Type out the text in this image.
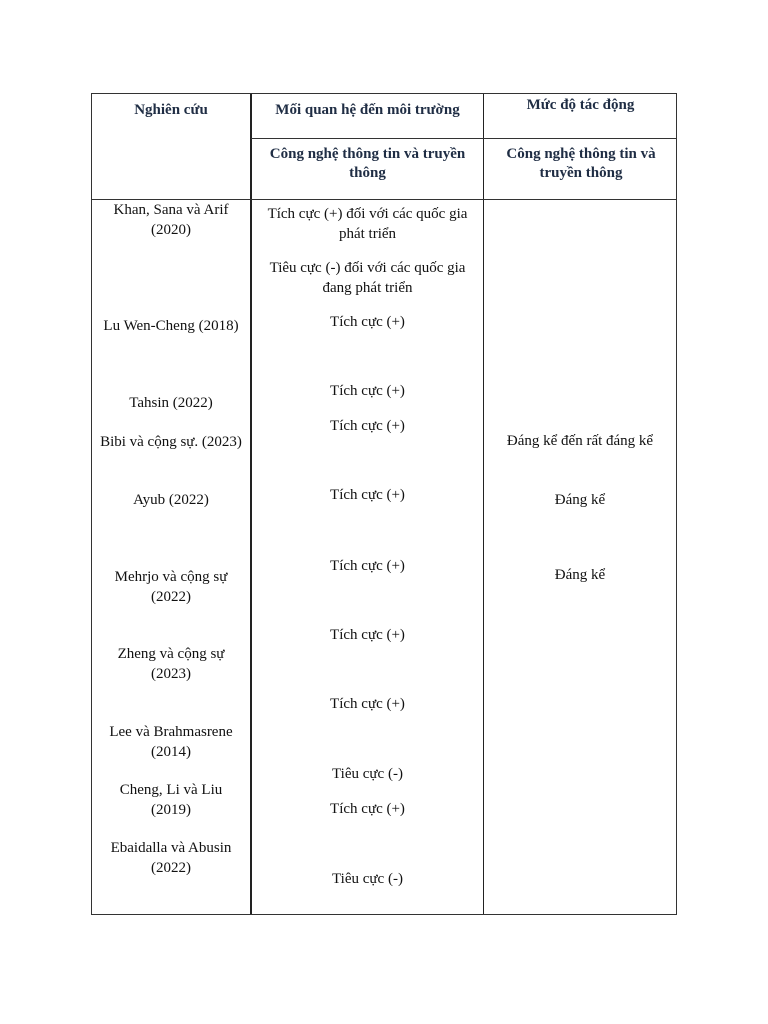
Nghiên cứu	Mối quan hệ đến môi trường	Mức độ tác động
Công nghệ thông tin và truyền thông
Công nghệ thông tin và truyền thông
Khan, Sana và Arif (2020)
Lu Wen-Cheng (2018)
Tahsin (2022)
Bibi và cộng sự. (2023)
Ayub (2022)
Mehrjo và cộng sự (2022)
Zheng và cộng sự (2023)
Lee và Brahmasrene (2014)
Cheng, Li và Liu (2019)
Ebaidalla và Abusin (2022)
Tích cực (+) đối với các quốc gia phát triển
Tiêu cực (-) đối với các quốc gia đang phát triển
Tích cực (+)
Tích cực (+)
Tích cực (+)
Tích cực (+)
Tích cực (+)
Tích cực (+)
Tích cực (+)
Tiêu cực (-)
Tích cực (+)
Tiêu cực (-)
Đáng kể đến rất đáng kể
Đáng kể
Đáng kể
